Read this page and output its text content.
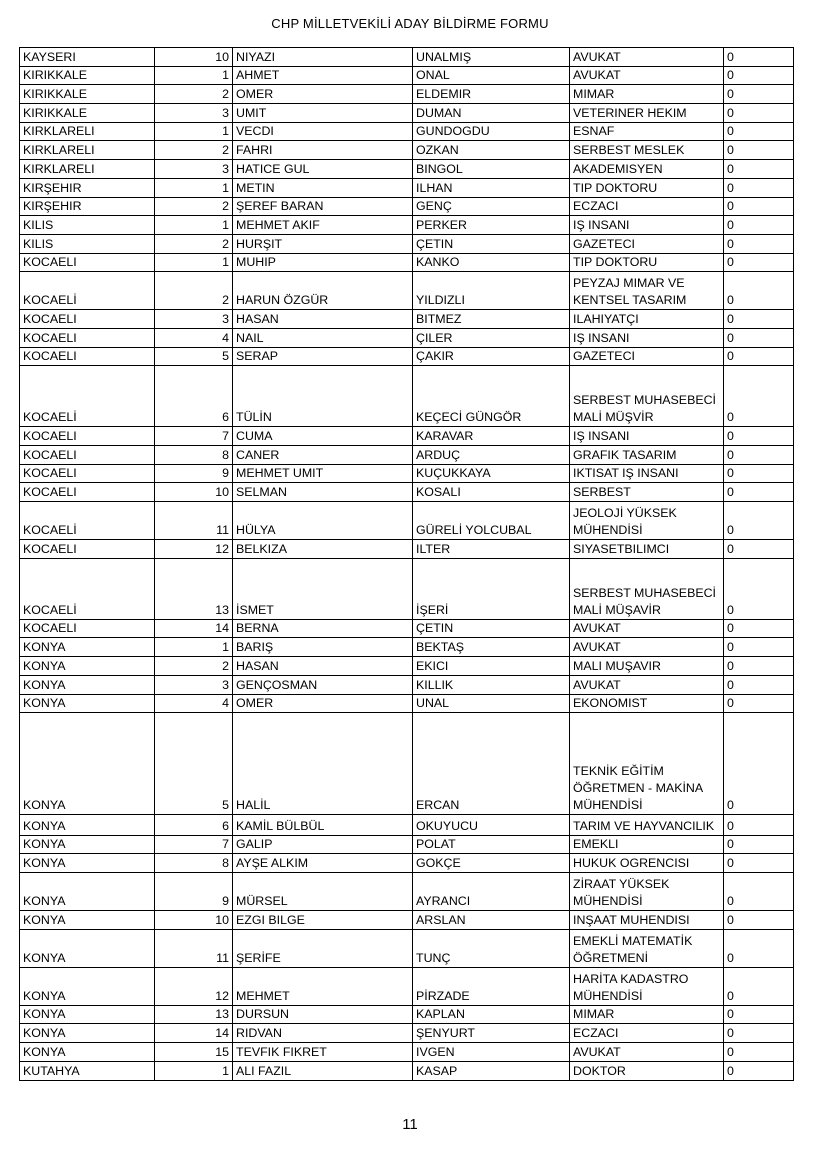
CHP MİLLETVEKİLİ ADAY BİLDİRME FORMU
KAYSERI	10	NIYAZI	UNALMIŞ	AVUKAT	0
KIRIKKALE	1	AHMET	ONAL	AVUKAT	0
KIRIKKALE	2	OMER	ELDEMIR	MIMAR	0
KIRIKKALE	3	UMIT	DUMAN	VETERINER HEKIM	0
KIRKLARELI	1	VECDI	GUNDOGDU	ESNAF	0
KIRKLARELI	2	FAHRI	OZKAN	SERBEST MESLEK	0
KIRKLARELI	3	HATICE GUL	BINGOL	AKADEMISYEN	0
KIRŞEHIR	1	METIN	ILHAN	TIP DOKTORU	0
KIRŞEHIR	2	ŞEREF BARAN	GENÇ	ECZACI	0
KILIS	1	MEHMET AKIF	PERKER	IŞ INSANI	0
KILIS	2	HURŞIT	ÇETIN	GAZETECI	0
KOCAELI	1	MUHIP	KANKO	TIP DOKTORU	0
KOCAELİ	2	HARUN ÖZGÜR	YILDIZLI	PEYZAJ MIMAR VE KENTSEL TASARIM	0
KOCAELI	3	HASAN	BITMEZ	ILAHIYATÇI	0
KOCAELI	4	NAIL	ÇILER	IŞ INSANI	0
KOCAELI	5	SERAP	ÇAKIR	GAZETECI	0
KOCAELİ	6	TÜLİN	KEÇECİ GÜNGÖR	SERBEST MUHASEBECİ MALİ MÜŞVİR	0
KOCAELI	7	CUMA	KARAVAR	IŞ INSANI	0
KOCAELI	8	CANER	ARDUÇ	GRAFIK TASARIM	0
KOCAELI	9	MEHMET UMIT	KUÇUKKAYA	IKTISAT IŞ INSANI	0
KOCAELI	10	SELMAN	KOSALI	SERBEST	0
KOCAELİ	11	HÜLYA	GÜRELİ YOLCUBAL	JEOLOJİ YÜKSEK MÜHENDİSİ	0
KOCAELI	12	BELKIZA	ILTER	SIYASETBILIMCI	0
KOCAELİ	13	İSMET	İŞERİ	SERBEST MUHASEBECİ MALİ MÜŞAVİR	0
KOCAELI	14	BERNA	ÇETIN	AVUKAT	0
KONYA	1	BARIŞ	BEKTAŞ	AVUKAT	0
KONYA	2	HASAN	EKICI	MALI MUŞAVIR	0
KONYA	3	GENÇOSMAN	KILLIK	AVUKAT	0
KONYA	4	OMER	UNAL	EKONOMIST	0
KONYA	5	HALİL	ERCAN	TEKNİK EĞİTİM ÖĞRETMEN - MAKİNA MÜHENDİSİ	0
KONYA	6	KAMİL BÜLBÜL	OKUYUCU	TARIM VE HAYVANCILIK	0
KONYA	7	GALIP	POLAT	EMEKLI	0
KONYA	8	AYŞE ALKIM	GOKÇE	HUKUK OGRENCISI	0
KONYA	9	MÜRSEL	AYRANCI	ZİRAAT YÜKSEK MÜHENDİSİ	0
KONYA	10	EZGI BILGE	ARSLAN	INŞAAT MUHENDISI	0
KONYA	11	ŞERİFE	TUNÇ	EMEKLİ MATEMATİK ÖĞRETMENİ	0
KONYA	12	MEHMET	PİRZADE	HARİTA KADASTRO MÜHENDİSİ	0
KONYA	13	DURSUN	KAPLAN	MIMAR	0
KONYA	14	RIDVAN	ŞENYURT	ECZACI	0
KONYA	15	TEVFIK FIKRET	IVGEN	AVUKAT	0
KUTAHYA	1	ALI FAZIL	KASAP	DOKTOR	0
11
